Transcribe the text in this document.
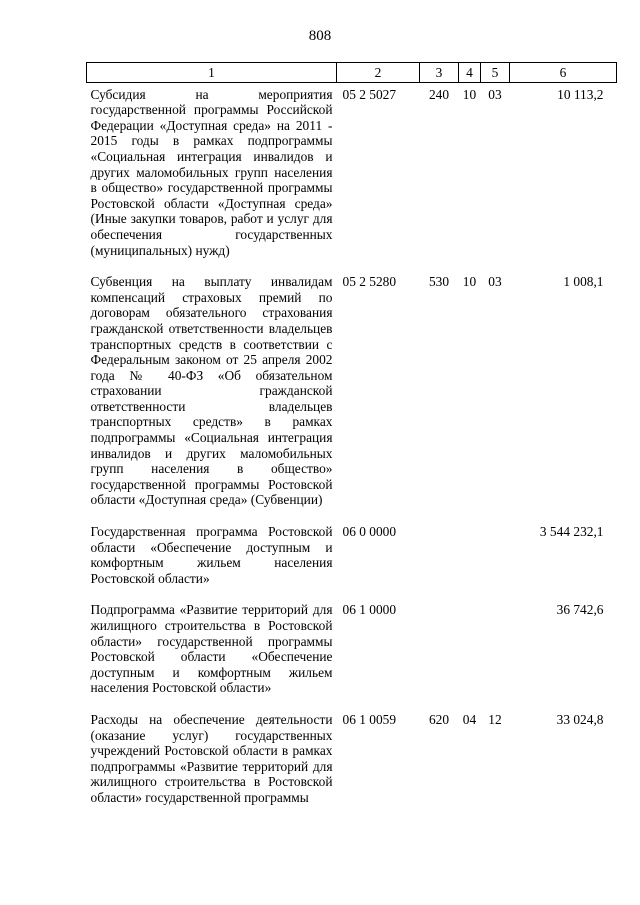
808
1	2	3	4	5	6
Субсидия на мероприятия государственной программы Российской Федерации «Доступная среда» на 2011 - 2015 годы в рамках подпрограммы «Социальная интеграция инвалидов и других маломобильных групп населения в общество» государственной программы Ростовской области «Доступная среда» (Иные закупки товаров, работ и услуг для обеспечения государственных (муниципальных) нужд)	05 2 5027	240	10	03	10 113,2
Субвенция на выплату инвалидам компенсаций страховых премий по договорам обязательного страхования гражданской ответственности владельцев транспортных средств в соответствии с Федеральным законом от 25 апреля 2002 года № 40-ФЗ «Об обязательном страховании гражданской ответственности владельцев транспортных средств» в рамках подпрограммы «Социальная интеграция инвалидов и других маломобильных групп населения в общество» государственной программы Ростовской области «Доступная среда» (Субвенции)	05 2 5280	530	10	03	1 008,1
Государственная программа Ростовской области «Обеспечение доступным и комфортным жильем населения Ростовской области»	06 0 0000				3 544 232,1
Подпрограмма «Развитие территорий для жилищного строительства в Ростовской области» государственной программы Ростовской области «Обеспечение доступным и комфортным жильем населения Ростовской области»	06 1 0000				36 742,6
Расходы на обеспечение деятельности (оказание услуг) государственных учреждений Ростовской области в рамках подпрограммы «Развитие территорий для жилищного строительства в Ростовской области» государственной программы	06 1 0059	620	04	12	33 024,8
